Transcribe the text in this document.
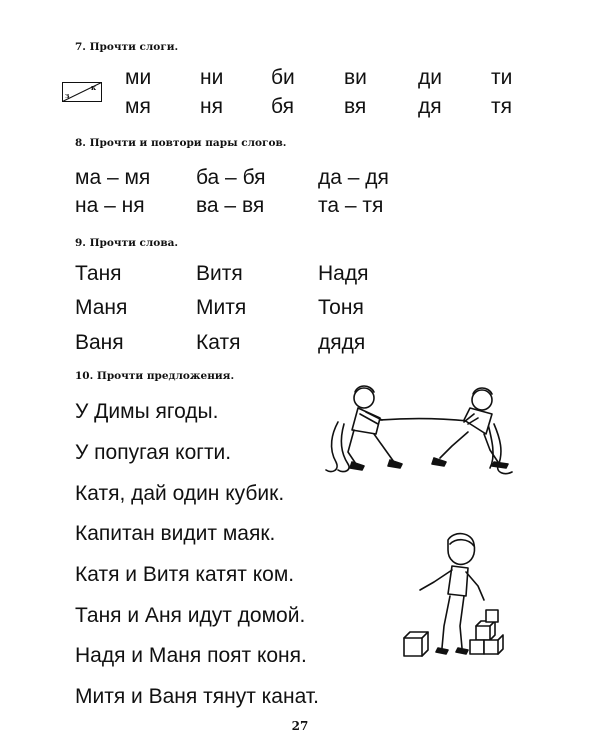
7. Прочти слоги.
з
к ми ни би ви ди ти
мя ня бя вя дя тя
8. Прочти и повтори пары слогов.
ма – мя ба – бя да – дя
на – ня ва – вя	та – тя
9. Прочти слова.
Таня	Витя	Надя
Маня	Митя	Тоня
Ваня	Катя	дядя
10. Прочти предложения.
У Димы ягоды.
У попугая когти.
Катя, дай один кубик.
Капитан видит маяк.
Катя и Витя катят ком.
Таня и Аня идут домой.
Надя и Маня поят коня.
Митя и Ваня тянут канат.
27
